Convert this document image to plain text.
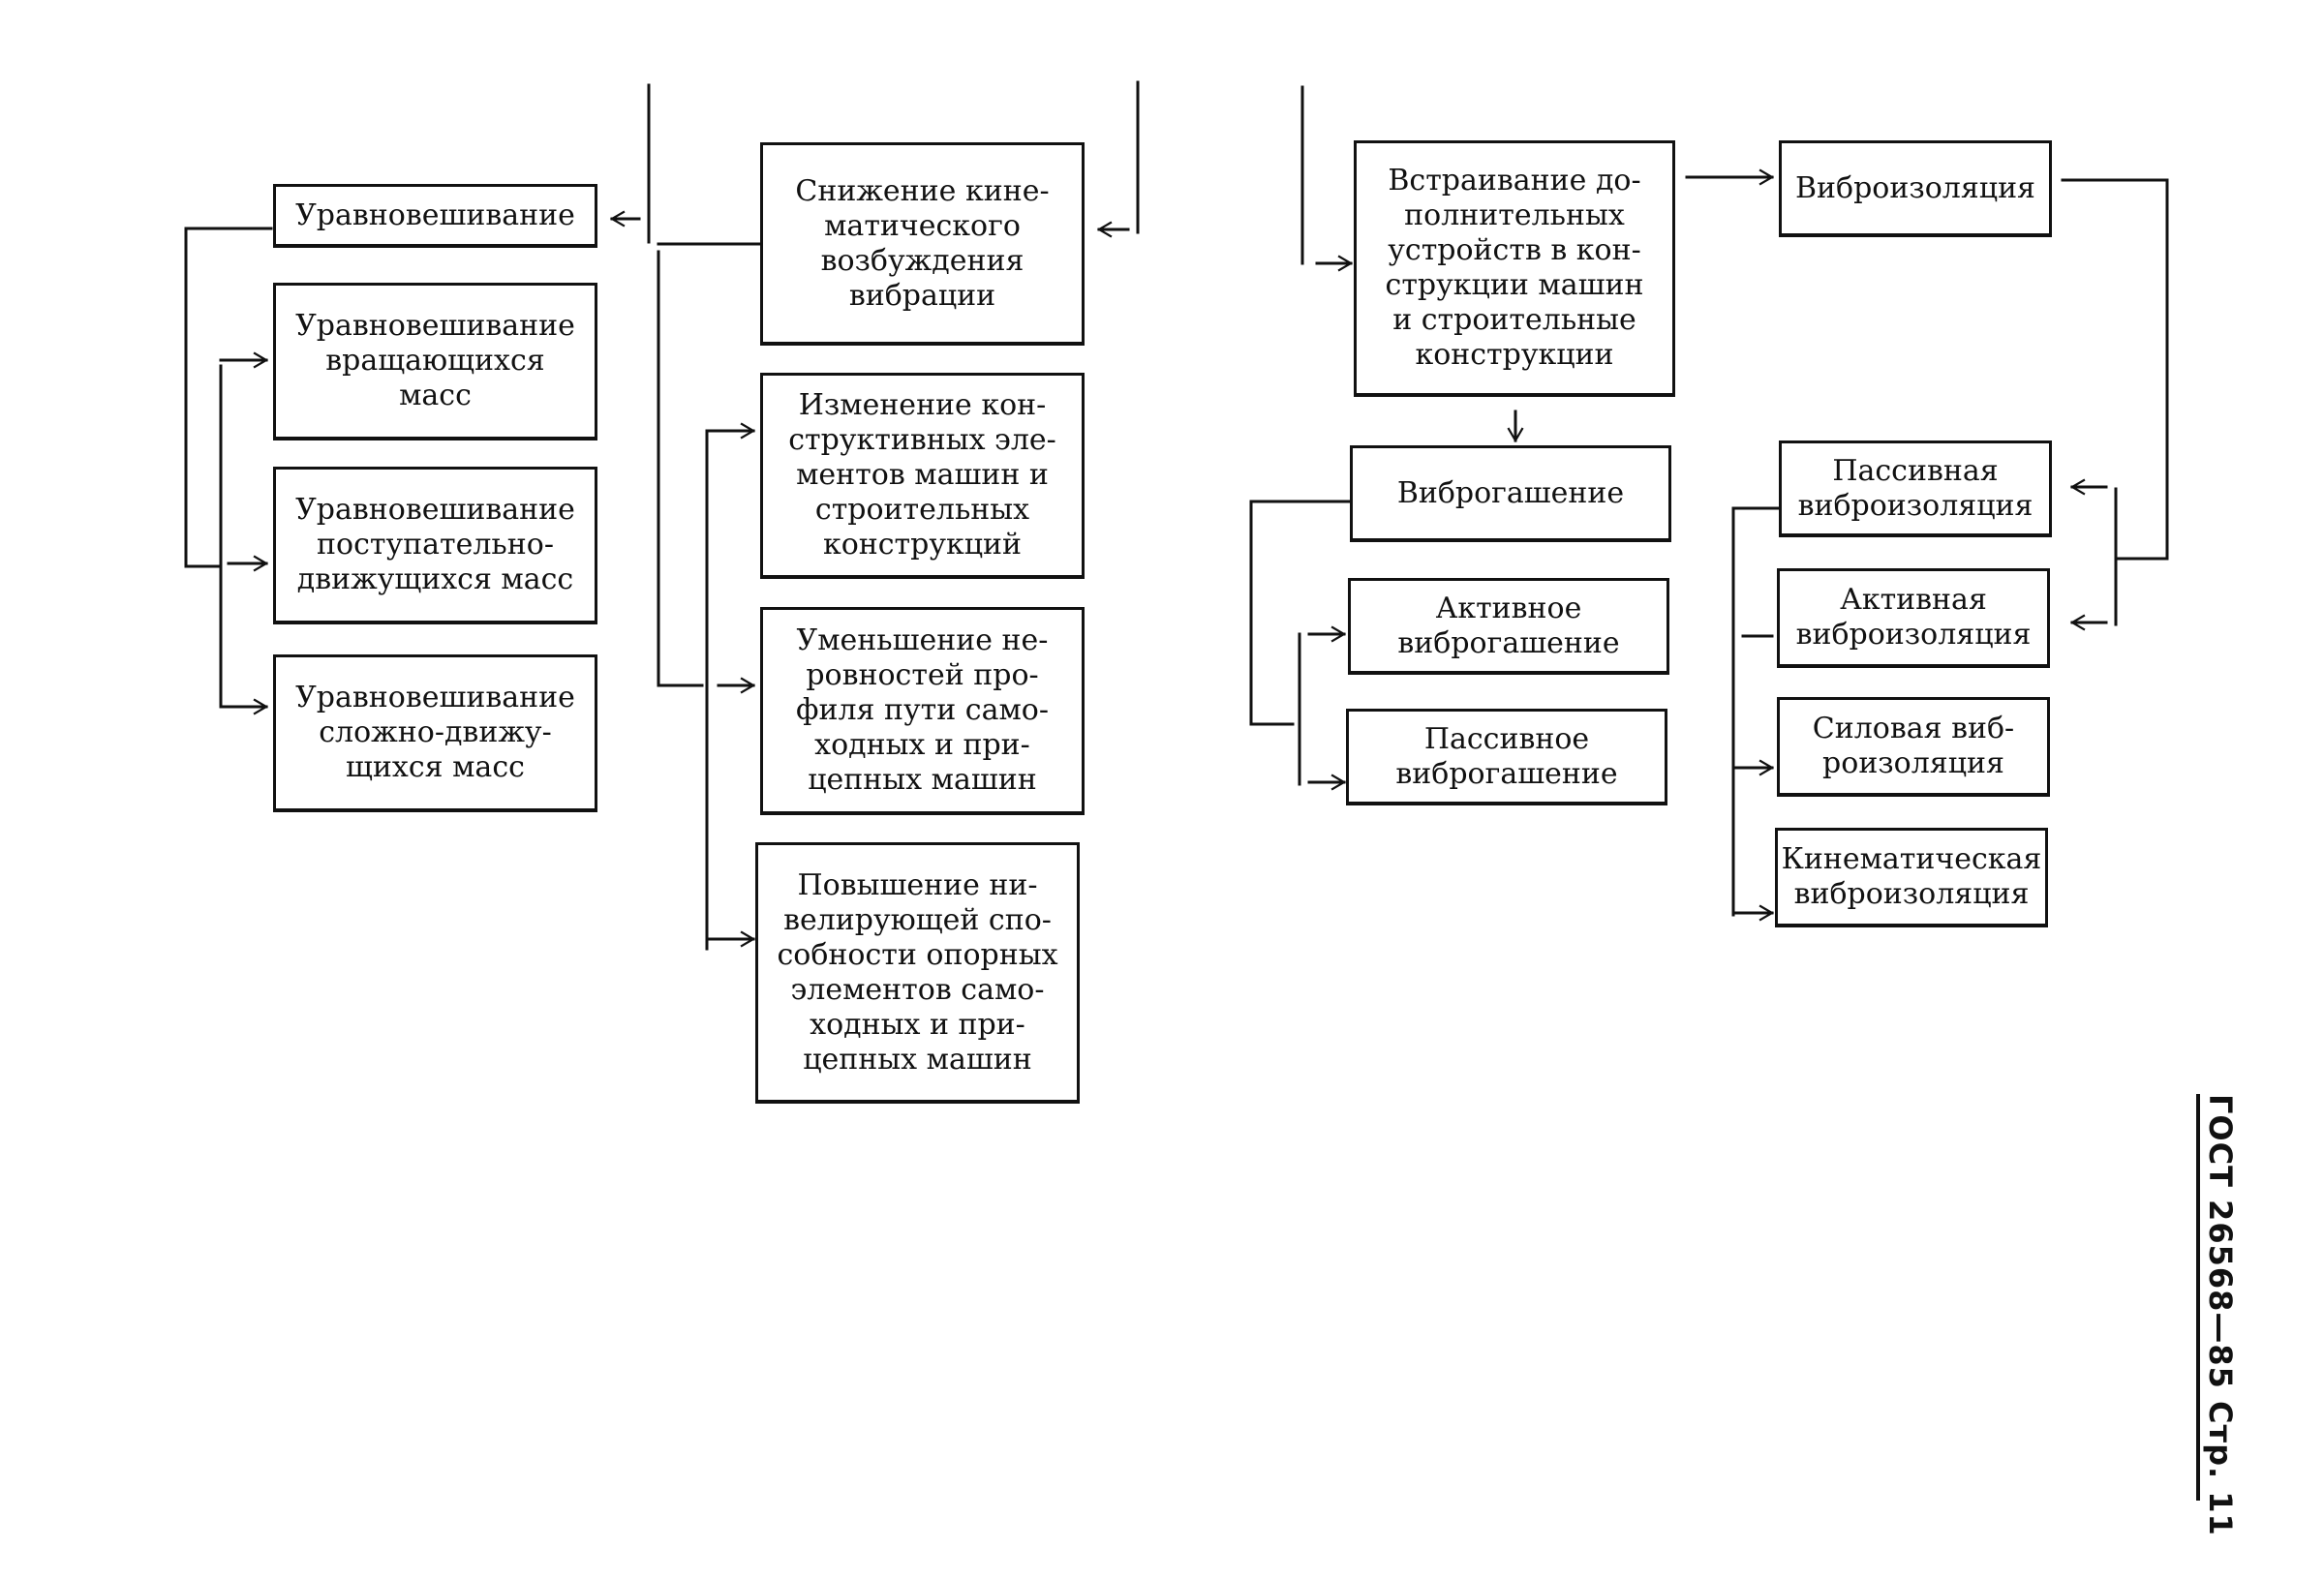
Уравновешивание
Уравновешивание
вращающихся
масс
Уравновешивание
поступательно-
движущихся масс
Уравновешивание
сложно-движу-
щихся масс
Снижение кине-
матического
возбуждения
вибрации
Изменение кон-
структивных эле-
ментов машин и
строительных
конструкций
Уменьшение не-
ровностей про-
филя пути само-
ходных и при-
цепных машин
Повышение ни-
велирующей спо-
собности опорных
элементов само-
ходных и при-
цепных машин
Встраивание до-
полнительных
устройств в кон-
струкции машин
и строительные
конструкции
Виброгашение
Активное
виброгашение
Пассивное
виброгашение
Виброизоляция
Пассивная
виброизоляция
Активная
виброизоляция
Силовая виб-
роизоляция
Кинематическая
виброизоляция
ГОСТ 26568—85 Стр. 11
